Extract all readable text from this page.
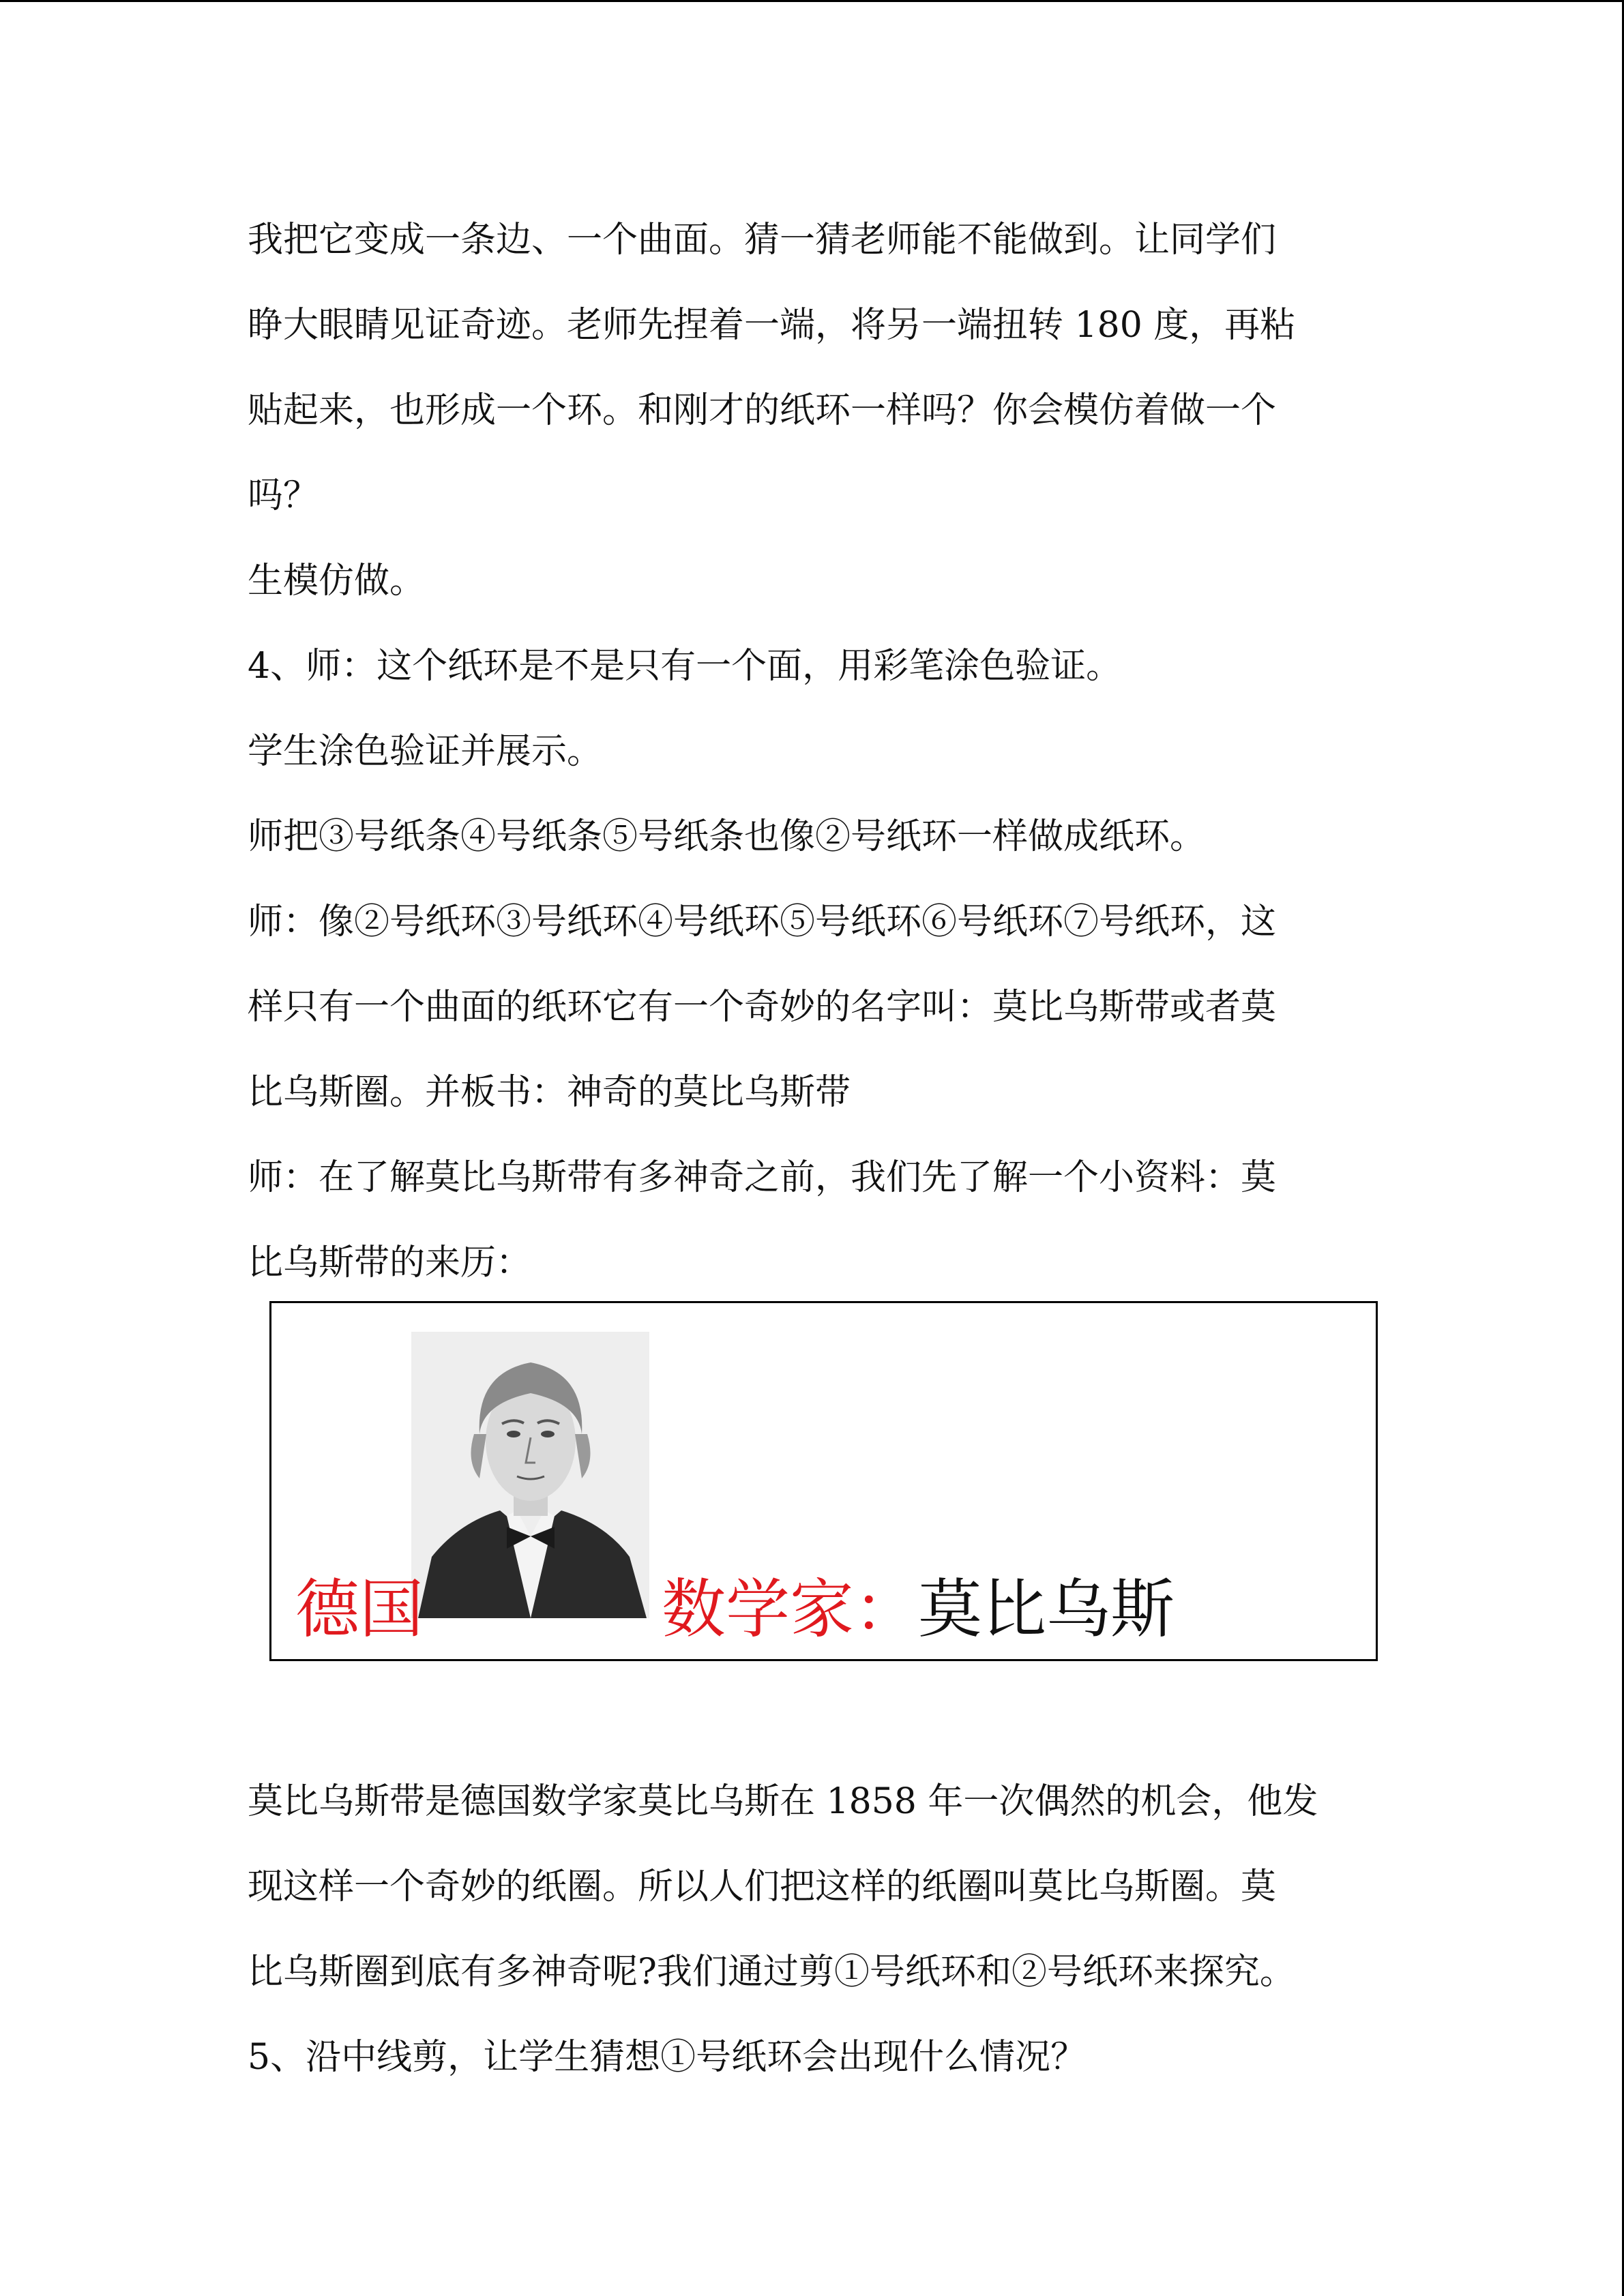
我把它变成一条边、一个曲面。猜一猜老师能不能做到。让同学们

睁大眼睛见证奇迹。老师先捏着一端，将另一端扭转 180 度，再粘

贴起来，也形成一个环。和刚才的纸环一样吗？你会模仿着做一个

吗？

生模仿做。

4、师：这个纸环是不是只有一个面，用彩笔涂色验证。

学生涂色验证并展示。

师把③号纸条④号纸条⑤号纸条也像②号纸环一样做成纸环。

师：像②号纸环③号纸环④号纸环⑤号纸环⑥号纸环⑦号纸环，这

样只有一个曲面的纸环它有一个奇妙的名字叫：莫比乌斯带或者莫

比乌斯圈。并板书：神奇的莫比乌斯带

师：在了解莫比乌斯带有多神奇之前，我们先了解一个小资料：莫

比乌斯带的来历：

德国	数学家：莫比乌斯

莫比乌斯带是德国数学家莫比乌斯在 1858 年一次偶然的机会，他发

现这样一个奇妙的纸圈。所以人们把这样的纸圈叫莫比乌斯圈。莫

比乌斯圈到底有多神奇呢?我们通过剪①号纸环和②号纸环来探究。

5、沿中线剪，让学生猜想①号纸环会出现什么情况？
